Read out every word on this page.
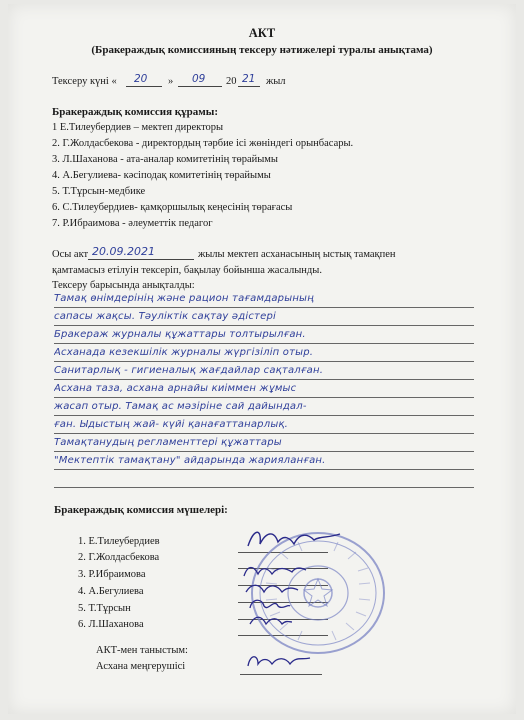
АКТ
(Бракераждық комиссияның тексеру нәтижелері туралы анықтама)
Тексеру күні « 20 » 09 20 21 жыл
Бракераждық комиссия құрамы:
1 Е.Тилеубердиев – мектеп директоры
2. Г.Жолдасбекова - директордың тәрбие ісі жөніндегі орынбасары.
3. Л.Шаханова - ата-аналар комитетінің төрайымы
4. А.Бегулиева- кәсіподақ комитетінің төрайымы
5. Т.Тұрсын-медбике
6. С.Тилеубердиев- қамқоршылық кеңесінің төрағасы
7. Р.Ибраимова - әлеуметтік педагог
Осы акт 20.09.2021	жылы мектеп асханасының ыстық тамақпен
қамтамасыз етілуін тексеріп, бақылау бойынша жасалынды.
Тексеру барысында анықталды:
Тамақ өнімдерінің және рацион тағамдарының
сапасы жақсы. Тәуліктік сақтау әдістері
Бракераж журналы құжаттары толтырылған.
Асханада кезекшілік журналы жүргізіліп отыр.
Санитарлық - гигиеналық жағдайлар сақталған.
Асхана таза, асхана арнайы киіммен жұмыс
жасап отыр. Тамақ ас мәзіріне сай дайындал-
ған. Ыдыстың жай- күйі қанағаттанарлық.
Тамақтанудың регламенттері құжаттары
"Мектептік тамақтану" айдарында жарияланған.
Бракераждық комиссия мүшелері:
1. Е.Тилеубердиев
2. Г.Жолдасбекова
3. Р.Ибраимова
4. А.Бегулиева
5. Т.Тұрсын
6. Л.Шаханова
АКТ-мен таныстым:
Асхана меңгерушісі
